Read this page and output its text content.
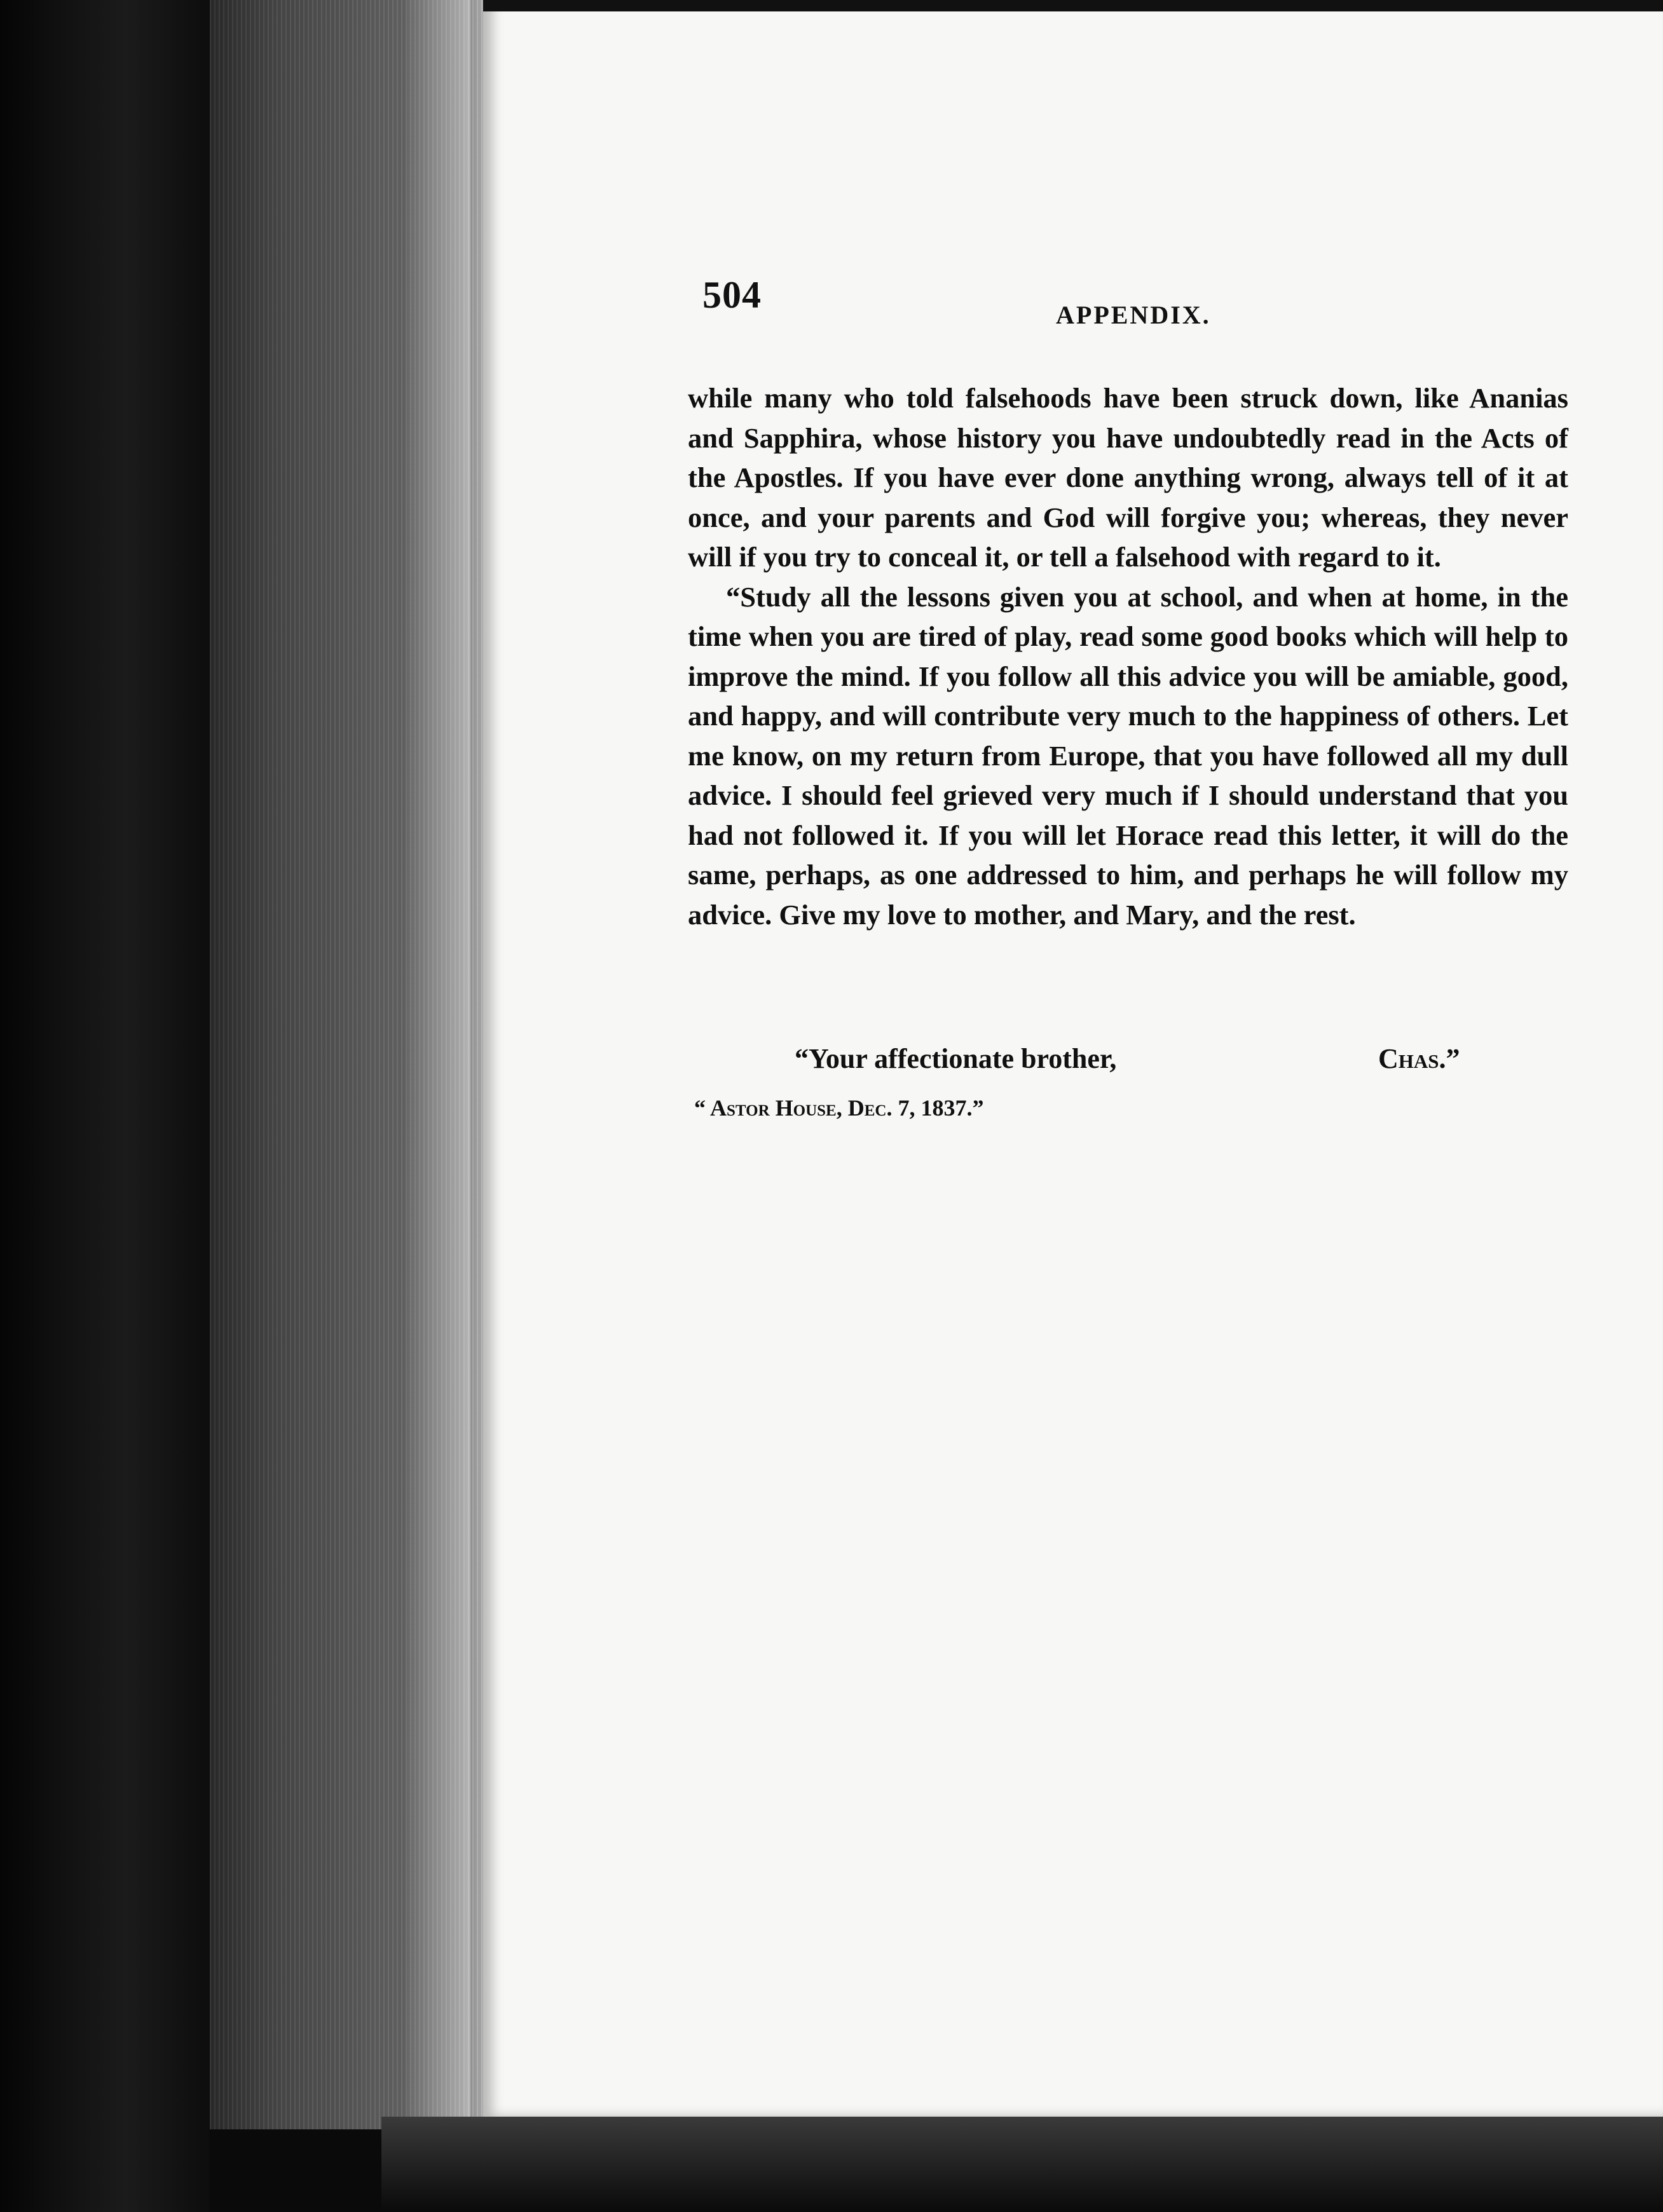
504	APPENDIX.

while many who told falsehoods have been struck down, like Ananias and Sapphira, whose history you have undoubtedly read in the Acts of the Apostles. If you have ever done anything wrong, always tell of it at once, and your parents and God will forgive you; whereas, they never will if you try to conceal it, or tell a falsehood with regard to it.

“Study all the lessons given you at school, and when at home, in the time when you are tired of play, read some good books which will help to improve the mind. If you follow all this advice you will be amiable, good, and happy, and will contribute very much to the happiness of others. Let me know, on my return from Europe, that you have followed all my dull advice. I should feel grieved very much if I should understand that you had not followed it. If you will let Horace read this letter, it will do the same, perhaps, as one addressed to him, and perhaps he will follow my advice. Give my love to mother, and Mary, and the rest.

“Your affectionate brother,	Chas.”
“ Astor House, Dec. 7, 1837.”
